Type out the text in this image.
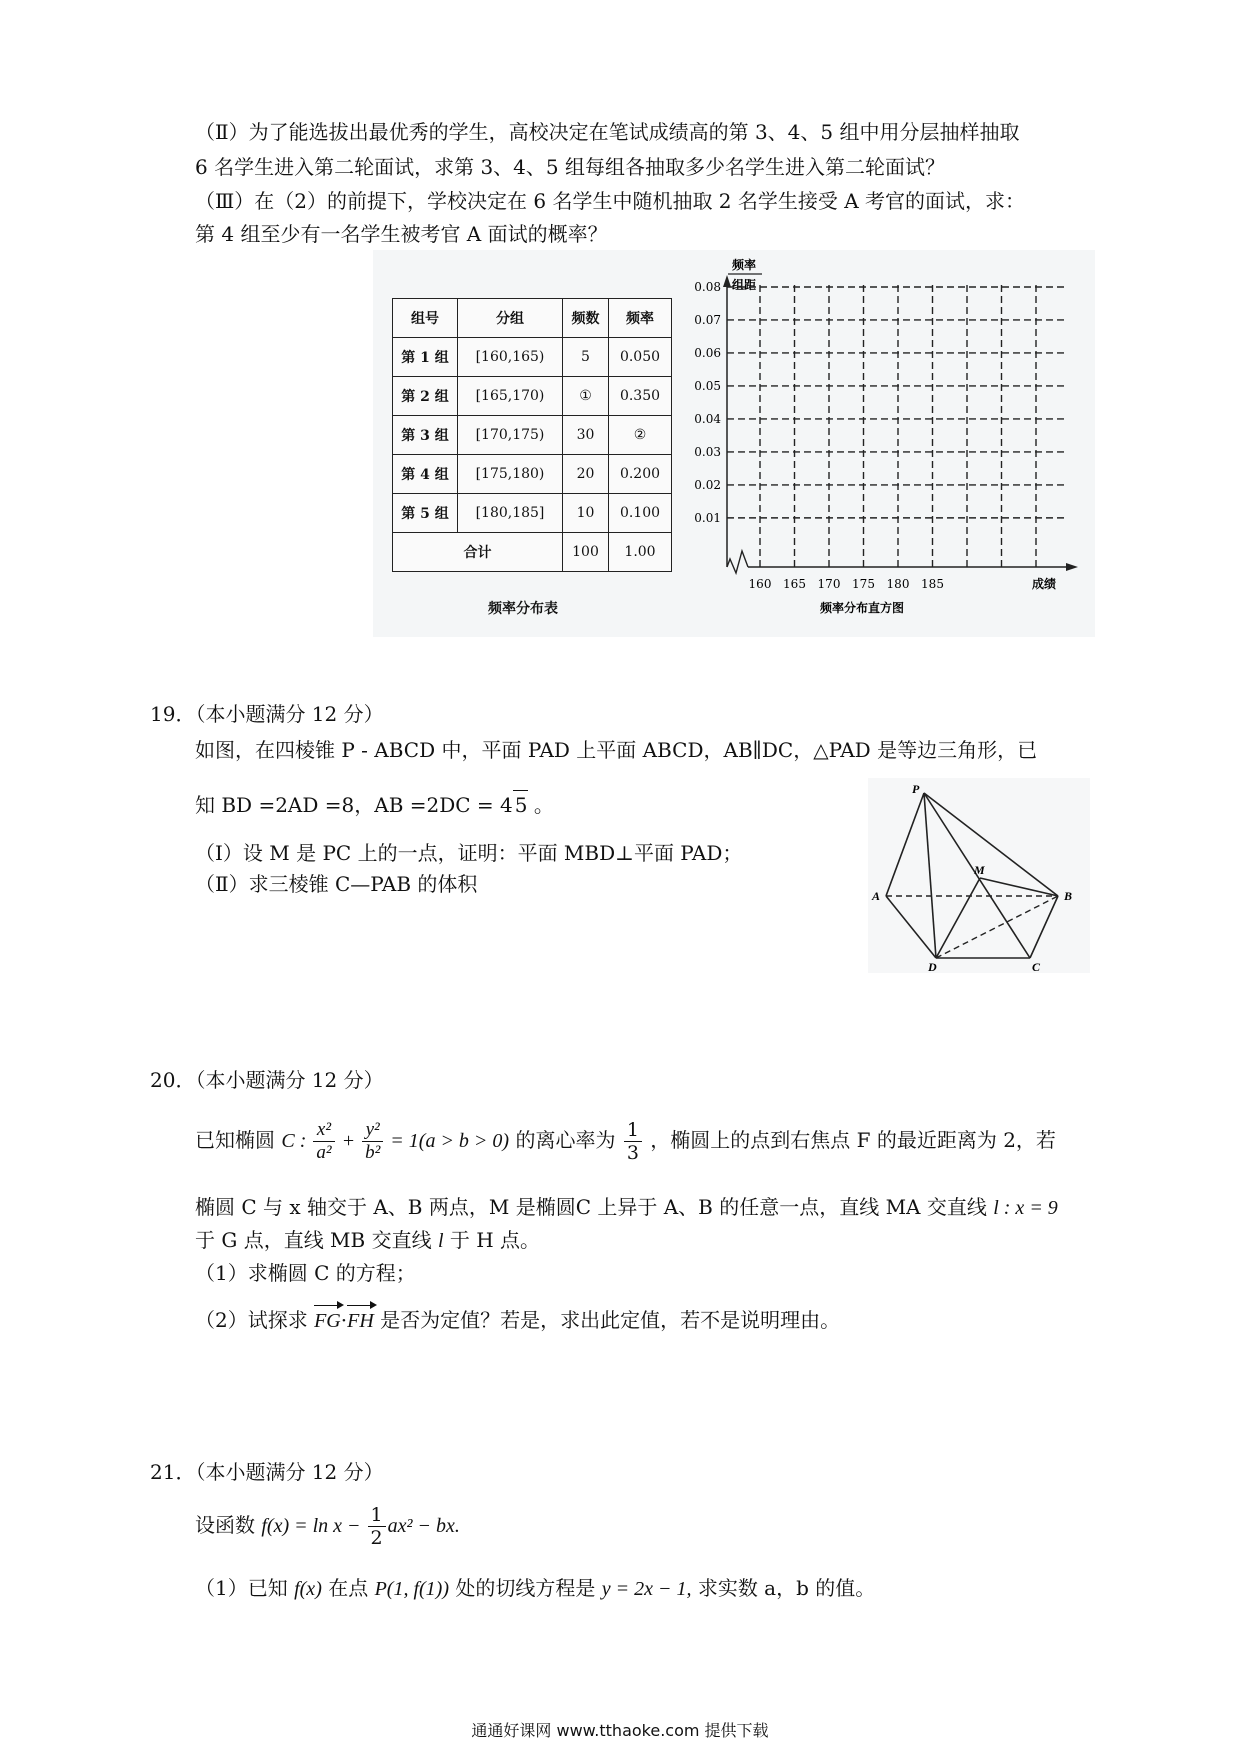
（Ⅱ）为了能选拔出最优秀的学生，高校决定在笔试成绩高的第 3、4、5 组中用分层抽样抽取
6 名学生进入第二轮面试，求第 3、4、5 组每组各抽取多少名学生进入第二轮面试？
（Ⅲ）在（2）的前提下，学校决定在 6 名学生中随机抽取 2 名学生接受 A 考官的面试，求：
第 4 组至少有一名学生被考官 A 面试的概率？
组号	分组	频数	频率
第 1 组	[160,165)	5	0.050
第 2 组	[165,170)	①	0.350
第 3 组	[170,175)	30	②
第 4 组	[175,180)	20	0.200
第 5 组	[180,185]	10	0.100
合计		100	1.00
频率分布表
频率
组距
0.08
0.07
0.06
0.05
0.04
0.03
0.02
0.01
160 165 170 175 180 185	成绩
频率分布直方图
19．（本小题满分 12 分）
如图，在四棱锥 P - ABCD 中，平面 PAD 上平面 ABCD，AB∥DC，△PAD 是等边三角形，已
知 BD =2AD =8，AB =2DC = 4 5 。
（I）设 M 是 PC 上的一点，证明：平面 MBD⊥平面 PAD；
（Ⅱ）求三棱锥 C—PAB 的体积
P
A	B
C
D
M
20．（本小题满分 12 分）
已知椭圆 C : $\frac{\text{x²}}{\text{a²}} + \frac{\text{y²}}{\text{b²}} = 1(a > b > 0)$ 的离心率为 $\frac{1}{3}$ ，椭圆上的点到右焦点 F 的最近距离为 2，若
椭圆 C 与 x 轴交于 A、B 两点，M 是椭圆C 上异于 A、B 的任意一点，直线 MA 交直线 l : x = 9
于 G 点，直线 MB 交直线 l 于 H 点。
（1）求椭圆 C 的方程；
（2）试探求 FG·FH 是否为定值？若是，求出此定值，若不是说明理由。
21．（本小题满分 12 分）
设函数 $f(x) = \ln x - \frac{1}{2} ax^2$ − bx.
（1）已知 f(x) 在点 P(1, f(1)) 处的切线方程是 y = 2x − 1, 求实数 a，b 的值。
通通好课网 www.tthaoke.com 提供下载
